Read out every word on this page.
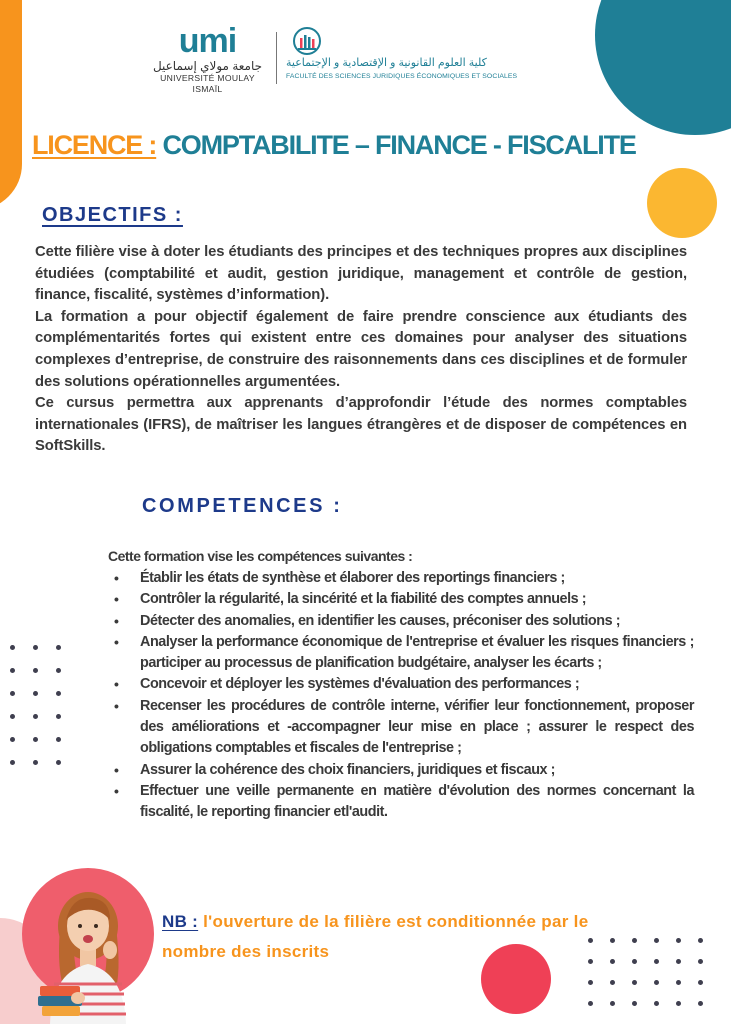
umi
جامعة مولاي إسماعيل
UNIVERSITÉ MOULAY ISMAÏL
كلية العلوم القانونية و الإقتصادية و الإجتماعية
FACULTÉ DES SCIENCES JURIDIQUES ÉCONOMIQUES ET SOCIALES
LICENCE : COMPTABILITE – FINANCE - FISCALITE
OBJECTIFS :

Cette filière vise à doter les étudiants des principes et des techniques propres aux disciplines étudiées (comptabilité et audit, gestion juridique, management et contrôle de gestion, finance, fiscalité, systèmes d’information).

La formation a pour objectif également de faire prendre conscience aux étudiants des complémentarités fortes qui existent entre ces domaines pour analyser des situations complexes d’entreprise, de construire des raisonnements dans ces disciplines et de formuler des solutions opérationnelles argumentées.

Ce cursus permettra aux apprenants d’approfondir l’étude des normes comptables internationales (IFRS), de maîtriser les langues étrangères et de disposer de compétences en SoftSkills.

COMPETENCES :
Cette formation vise les compétences suivantes :
• Établir les états de synthèse et élaborer des reportings financiers ;
• Contrôler la régularité, la sincérité et la fiabilité des comptes annuels ;
• Détecter des anomalies, en identifier les causes, préconiser des solutions ;
• Analyser la performance économique de l'entreprise et évaluer les risques financiers ; participer au processus de planification budgétaire, analyser les écarts ;
• Concevoir et déployer les systèmes d'évaluation des performances ;
• Recenser les procédures de contrôle interne, vérifier leur fonctionnement, proposer des améliorations et -accompagner leur mise en place ; assurer le respect des obligations comptables et fiscales de l'entreprise ;
• Assurer la cohérence des choix financiers, juridiques et fiscaux ;
• Effectuer une veille permanente en matière d'évolution des normes concernant la fiscalité, le reporting financier etl'audit.
NB : l'ouverture de la filière est conditionnée par le nombre des inscrits
